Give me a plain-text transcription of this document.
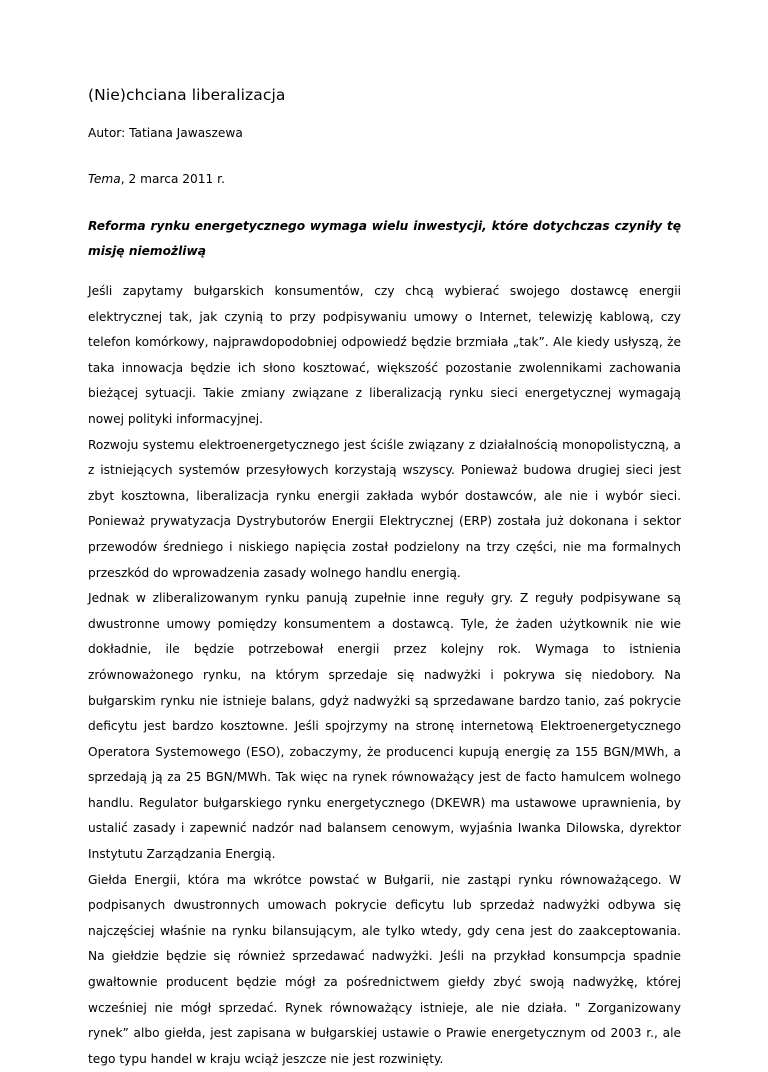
(Nie)chciana liberalizacja

Autor: Tatiana Jawaszewa

Tema, 2 marca 2011 r.

Reforma rynku energetycznego wymaga wielu inwestycji, które dotychczas czyniły tę misję niemożliwą

Jeśli zapytamy bułgarskich konsumentów, czy chcą wybierać swojego dostawcę energii elektrycznej tak, jak czynią to przy podpisywaniu umowy o Internet, telewizję kablową, czy telefon komórkowy, najprawdopodobniej odpowiedź będzie brzmiała „tak”. Ale kiedy usłyszą, że taka innowacja będzie ich słono kosztować, większość pozostanie zwolennikami zachowania bieżącej sytuacji. Takie zmiany związane z liberalizacją rynku sieci energetycznej wymagają nowej polityki informacyjnej.

Rozwoju systemu elektroenergetycznego jest ściśle związany z działalnością monopolistyczną, a z istniejących systemów przesyłowych korzystają wszyscy. Ponieważ budowa drugiej sieci jest zbyt kosztowna, liberalizacja rynku energii zakłada wybór dostawców, ale nie i wybór sieci. Ponieważ prywatyzacja Dystrybutorów Energii Elektrycznej (ERP) została już dokonana i sektor przewodów średniego i niskiego napięcia został podzielony na trzy części, nie ma formalnych przeszkód do wprowadzenia zasady wolnego handlu energią.

Jednak w zliberalizowanym rynku panują zupełnie inne reguły gry. Z reguły podpisywane są dwustronne umowy pomiędzy konsumentem a dostawcą. Tyle, że żaden użytkownik nie wie dokładnie, ile będzie potrzebował energii przez kolejny rok. Wymaga to istnienia zrównoważonego rynku, na którym sprzedaje się nadwyżki i pokrywa się niedobory. Na bułgarskim rynku nie istnieje balans, gdyż nadwyżki są sprzedawane bardzo tanio, zaś pokrycie deficytu jest bardzo kosztowne. Jeśli spojrzymy na stronę internetową Elektroenergetycznego Operatora Systemowego (ESO), zobaczymy, że producenci kupują energię za 155 BGN/MWh, a sprzedają ją za 25 BGN/MWh. Tak więc na rynek równoważący jest de facto hamulcem wolnego handlu. Regulator bułgarskiego rynku energetycznego (DKEWR) ma ustawowe uprawnienia, by ustalić zasady i zapewnić nadzór nad balansem cenowym, wyjaśnia Iwanka Dilowska, dyrektor Instytutu Zarządzania Energią.

Giełda Energii, która ma wkrótce powstać w Bułgarii, nie zastąpi rynku równoważącego. W podpisanych dwustronnych umowach pokrycie deficytu lub sprzedaż nadwyżki odbywa się najczęściej właśnie na rynku bilansującym, ale tylko wtedy, gdy cena jest do zaakceptowania. Na giełdzie będzie się również sprzedawać nadwyżki. Jeśli na przykład konsumpcja spadnie gwałtownie producent będzie mógł za pośrednictwem giełdy zbyć swoją nadwyżkę, której wcześniej nie mógł sprzedać. Rynek równoważący istnieje, ale nie działa. " Zorganizowany rynek” albo giełda, jest zapisana w bułgarskiej ustawie o Prawie energetycznym od 2003 r., ale tego typu handel w kraju wciąż jeszcze nie jest rozwinięty.
